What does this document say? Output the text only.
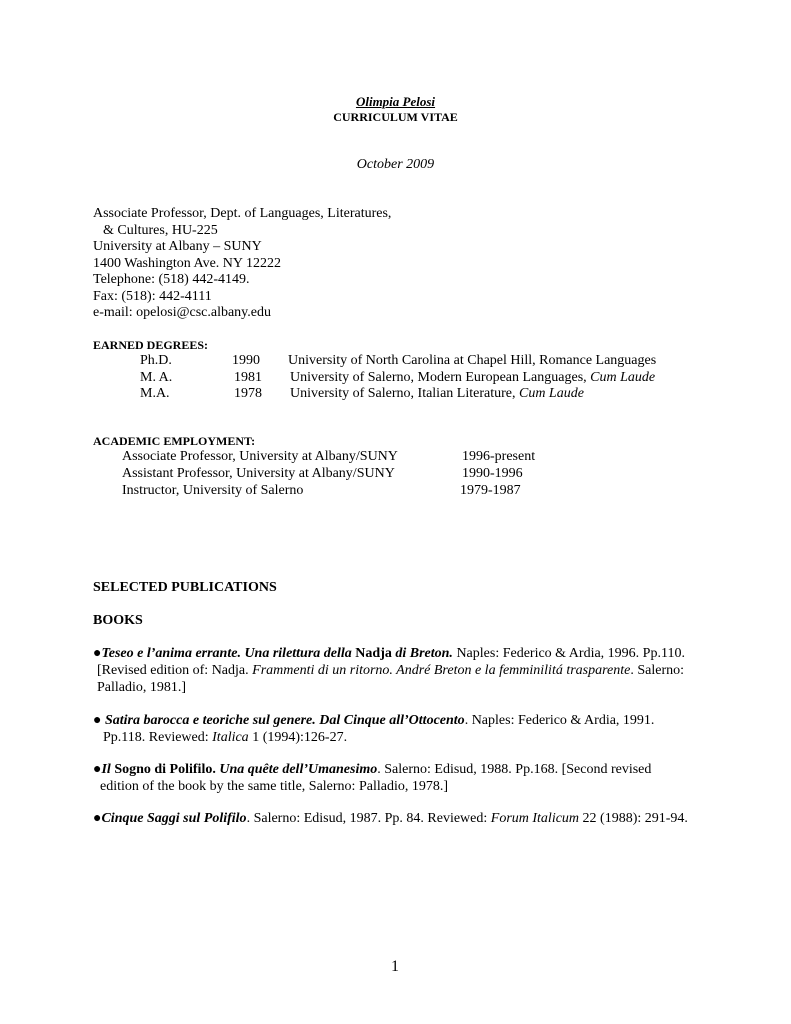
Olimpia Pelosi
CURRICULUM VITAE
October 2009
Associate Professor, Dept. of Languages, Literatures,
& Cultures, HU-225
University at Albany – SUNY
1400 Washington Ave. NY 12222
Telephone: (518) 442-4149.
Fax: (518): 442-4111
e-mail: opelosi@csc.albany.edu
EARNED DEGREES:
Ph.D.	1990 University of North Carolina at Chapel Hill, Romance Languages
M. A.	1981 University of Salerno, Modern European Languages, Cum Laude
M.A.	1978 University of Salerno, Italian Literature, Cum Laude
ACADEMIC EMPLOYMENT:
Associate Professor, University at Albany/SUNY	1996-present
Assistant Professor, University at Albany/SUNY	1990-1996
Instructor, University of Salerno	1979-1987
SELECTED PUBLICATIONS
BOOKS
●Teseo e l’anima errante. Una rilettura della Nadja di Breton. Naples: Federico & Ardia, 1996. Pp.110.
[Revised edition of: Nadja. Frammenti di un ritorno. André Breton e la femminilitá trasparente. Salerno:
Palladio, 1981.]
● Satira barocca e teoriche sul genere. Dal Cinque all’Ottocento. Naples: Federico & Ardia, 1991.
Pp.118. Reviewed: Italica 1 (1994):126-27.
●Il Sogno di Polifilo. Una quête dell’Umanesimo. Salerno: Edisud, 1988. Pp.168. [Second revised
edition of the book by the same title, Salerno: Palladio, 1978.]
●Cinque Saggi sul Polifilo. Salerno: Edisud, 1987. Pp. 84. Reviewed: Forum Italicum 22 (1988): 291-94.
1
